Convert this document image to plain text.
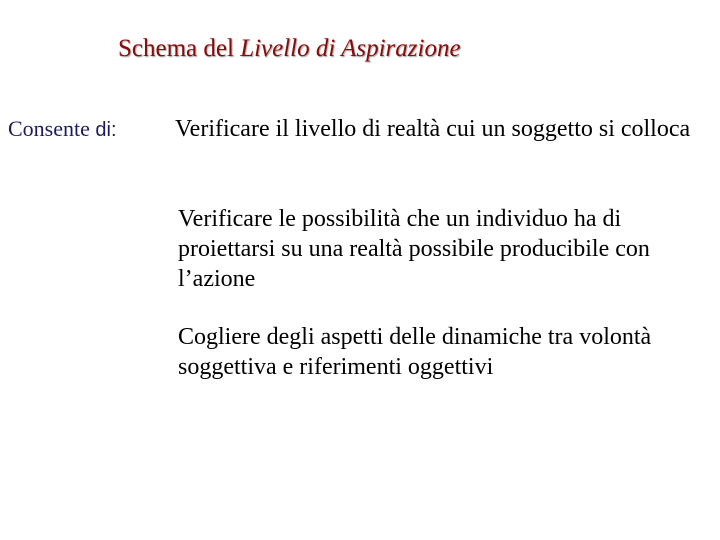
Schema del Livello di Aspirazione
Consente di: Verificare il livello di realtà cui un soggetto si colloca
Verificare le possibilità che un individuo ha di proiettarsi su una realtà possibile producibile con l’azione
Cogliere degli aspetti delle dinamiche tra volontà soggettiva e riferimenti oggettivi
